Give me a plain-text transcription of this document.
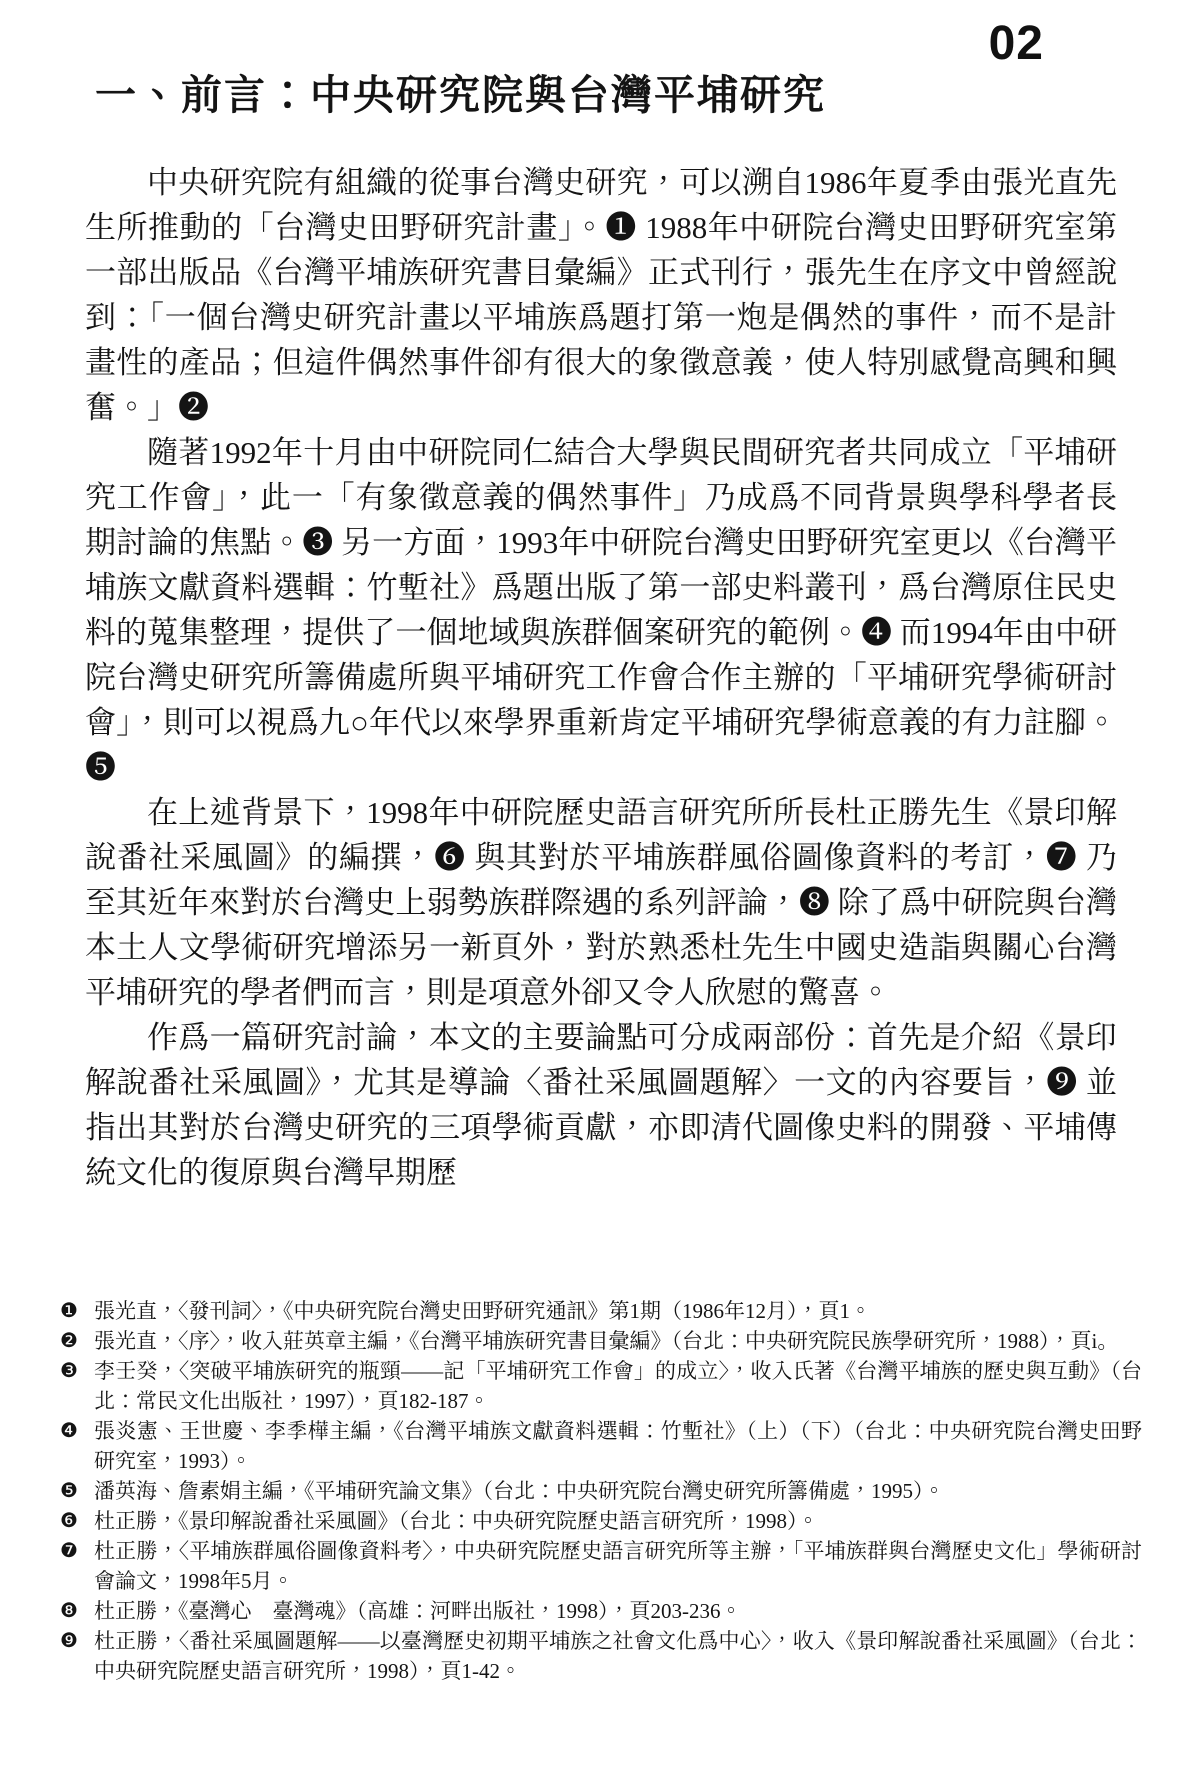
02
一、前言：中央研究院與台灣平埔研究

中央研究院有組織的從事台灣史研究，可以溯自1986年夏季由張光直先生所推動的「台灣史田野研究計畫」。❶ 1988年中研院台灣史田野研究室第一部出版品《台灣平埔族研究書目彙編》正式刊行，張先生在序文中曾經說到：「一個台灣史研究計畫以平埔族爲題打第一炮是偶然的事件，而不是計畫性的產品；但這件偶然事件卻有很大的象徵意義，使人特別感覺高興和興奮。」❷

隨著1992年十月由中研院同仁結合大學與民間研究者共同成立「平埔研究工作會」，此一「有象徵意義的偶然事件」乃成爲不同背景與學科學者長期討論的焦點。❸ 另一方面，1993年中研院台灣史田野研究室更以《台灣平埔族文獻資料選輯：竹塹社》爲題出版了第一部史料叢刊，爲台灣原住民史料的蒐集整理，提供了一個地域與族群個案研究的範例。❹ 而1994年由中研院台灣史研究所籌備處所與平埔研究工作會合作主辦的「平埔研究學術研討會」，則可以視爲九○年代以來學界重新肯定平埔研究學術意義的有力註腳。❺

在上述背景下，1998年中研院歷史語言研究所所長杜正勝先生《景印解說番社采風圖》的編撰，❻ 與其對於平埔族群風俗圖像資料的考訂，❼ 乃至其近年來對於台灣史上弱勢族群際遇的系列評論，❽ 除了爲中研院與台灣本土人文學術研究增添另一新頁外，對於熟悉杜先生中國史造詣與關心台灣平埔研究的學者們而言，則是項意外卻又令人欣慰的驚喜。

作爲一篇研究討論，本文的主要論點可分成兩部份：首先是介紹《景印解說番社采風圖》，尤其是導論〈番社采風圖題解〉一文的內容要旨，❾ 並指出其對於台灣史研究的三項學術貢獻，亦即清代圖像史料的開發、平埔傳統文化的復原與台灣早期歷

❶ 張光直，〈發刊詞〉，《中央研究院台灣史田野研究通訊》第1期（1986年12月），頁1。
❷ 張光直，〈序〉，收入莊英章主編，《台灣平埔族研究書目彙編》（台北：中央研究院民族學研究所，1988），頁i。
❸ 李壬癸，〈突破平埔族研究的瓶頸——記「平埔研究工作會」的成立〉，收入氏著《台灣平埔族的歷史與互動》（台北：常民文化出版社，1997），頁182-187。
❹ 張炎憲、王世慶、李季樺主編，《台灣平埔族文獻資料選輯：竹塹社》（上）（下）（台北：中央研究院台灣史田野研究室，1993）。
❺ 潘英海、詹素娟主編，《平埔研究論文集》（台北：中央研究院台灣史研究所籌備處，1995）。
❻ 杜正勝，《景印解說番社采風圖》（台北：中央研究院歷史語言研究所，1998）。
❼ 杜正勝，〈平埔族群風俗圖像資料考〉，中央研究院歷史語言研究所等主辦，「平埔族群與台灣歷史文化」學術研討會論文，1998年5月。
❽ 杜正勝，《臺灣心　臺灣魂》（高雄：河畔出版社，1998），頁203-236。
❾ 杜正勝，〈番社采風圖題解——以臺灣歷史初期平埔族之社會文化爲中心〉，收入《景印解說番社采風圖》（台北：中央研究院歷史語言研究所，1998），頁1-42。
